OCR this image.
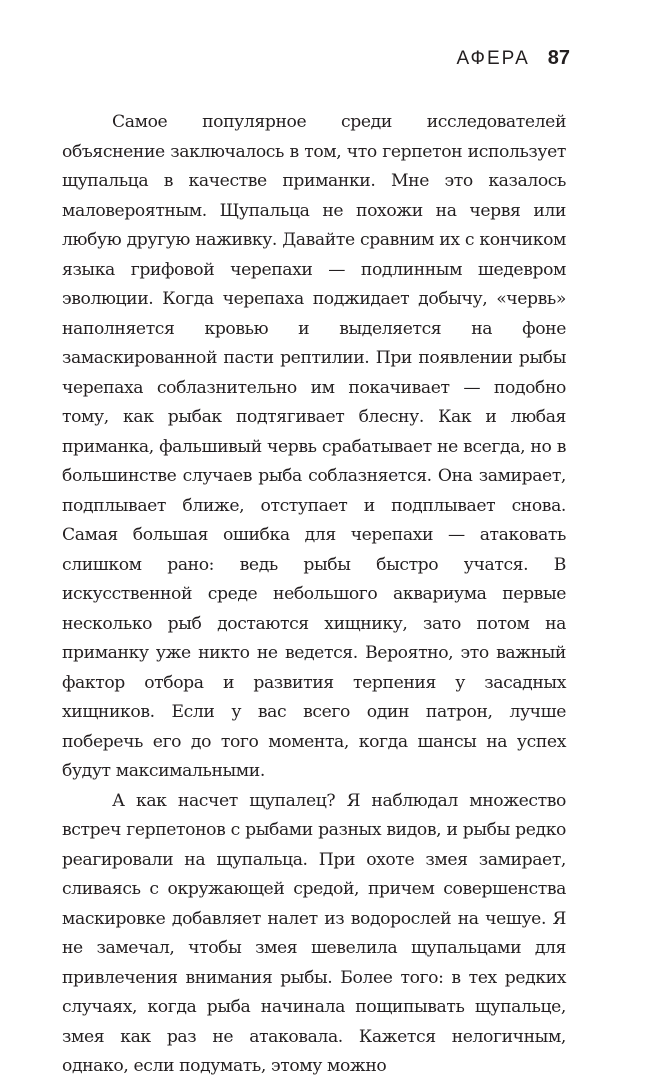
АФЕРА 87

Самое популярное среди исследователей объяснение заключалось в том, что герпетон использует щупальца в качестве приманки. Мне это казалось маловероятным. Щупальца не похожи на червя или любую другую наживку. Давайте сравним их с кончиком языка грифовой черепахи — подлинным шедевром эволюции. Когда черепаха поджидает добычу, «червь» наполняется кровью и выделяется на фоне замаскированной пасти рептилии. При появлении рыбы черепаха соблазнительно им покачивает — подобно тому, как рыбак подтягивает блесну. Как и любая приманка, фальшивый червь срабатывает не всегда, но в большинстве случаев рыба соблазняется. Она замирает, подплывает ближе, отступает и подплывает снова. Самая большая ошибка для черепахи — атаковать слишком рано: ведь рыбы быстро учатся. В искусственной среде небольшого аквариума первые несколько рыб достаются хищнику, зато потом на приманку уже никто не ведется. Вероятно, это важный фактор отбора и развития терпения у засадных хищников. Если у вас всего один патрон, лучше поберечь его до того момента, когда шансы на успех будут максимальными.

А как насчет щупалец? Я наблюдал множество встреч герпетонов с рыбами разных видов, и рыбы редко реагировали на щупальца. При охоте змея замирает, сливаясь с окружающей средой, причем совершенства маскировке добавляет налет из водорослей на чешуе. Я не замечал, чтобы змея шевелила щупальцами для привлечения внимания рыбы. Более того: в тех редких случаях, когда рыба начинала пощипывать щупальце, змея как раз не атаковала. Кажется нелогичным, однако, если подумать, этому можно
